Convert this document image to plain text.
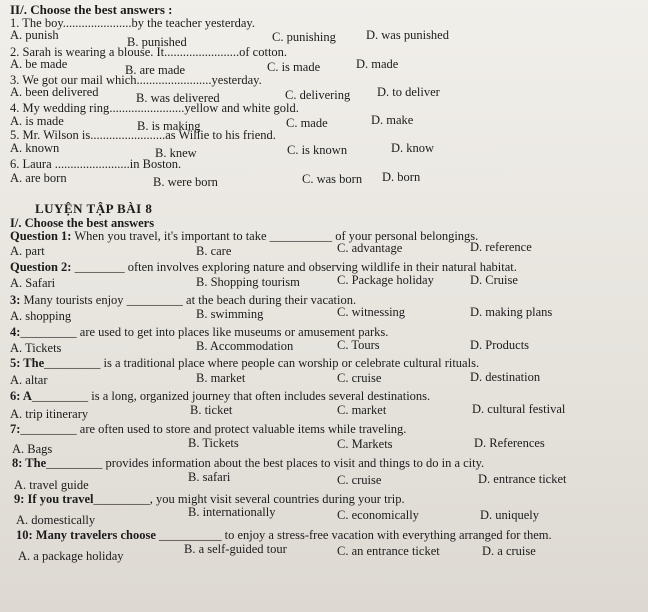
II/. Choose the best answers :
1. The boy......................by the teacher yesterday.
A. punish	B. punished	C. punishing D. was punished
2. Sarah is wearing a blouse. It........................of cotton.
A. be made	B. are made	C. is made	D. made
3. We got our mail which........................yesterday.
A. been delivered	B. was delivered	C. delivering D. to deliver
4. My wedding ring........................yellow and white gold.
A. is made	B. is making	C. made	D. make
5. Mr. Wilson is........................as Willie to his friend.
A. known	B. knew	C. is known	D. know
6. Laura ........................in Boston.
A. are born	B. were born	C. was born D. born
LUYỆN TẬP BÀI 8
I/. Choose the best answers
Question 1: When you travel, it's important to take __________ of your personal belongings.
A. part	B. care	C. advantage	D. reference
Question 2: ________ often involves exploring nature and observing wildlife in their natural habitat.
A. Safari	B. Shopping tourism	C. Package holiday	D. Cruise
3: Many tourists enjoy _________ at the beach during their vacation.
A. shopping	B. swimming	C. witnessing	D. making plans
4:_________ are used to get into places like museums or amusement parks.
A. Tickets	B. Accommodation	C. Tours	D. Products
5: The_________ is a traditional place where people can worship or celebrate cultural rituals.
A. altar	B. market	C. cruise	D. destination
6: A_________ is a long, organized journey that often includes several destinations.
A. trip itinerary	B. ticket	C. market	D. cultural festival
7:_________ are often used to store and protect valuable items while traveling.
A. Bags	B. Tickets	C. Markets	D. References
8: The_________ provides information about the best places to visit and things to do in a city.
A. travel guide
B. safari	C. cruise	D. entrance ticket
9: If you travel_________, you might visit several countries during your trip.
A. domestically
B. internationally	C. economically	D. uniquely
10: Many travelers choose __________ to enjoy a stress-free vacation with everything arranged for them.
A. a package holiday	B. a self-guided tour	C. an entrance ticket	D. a cruise
